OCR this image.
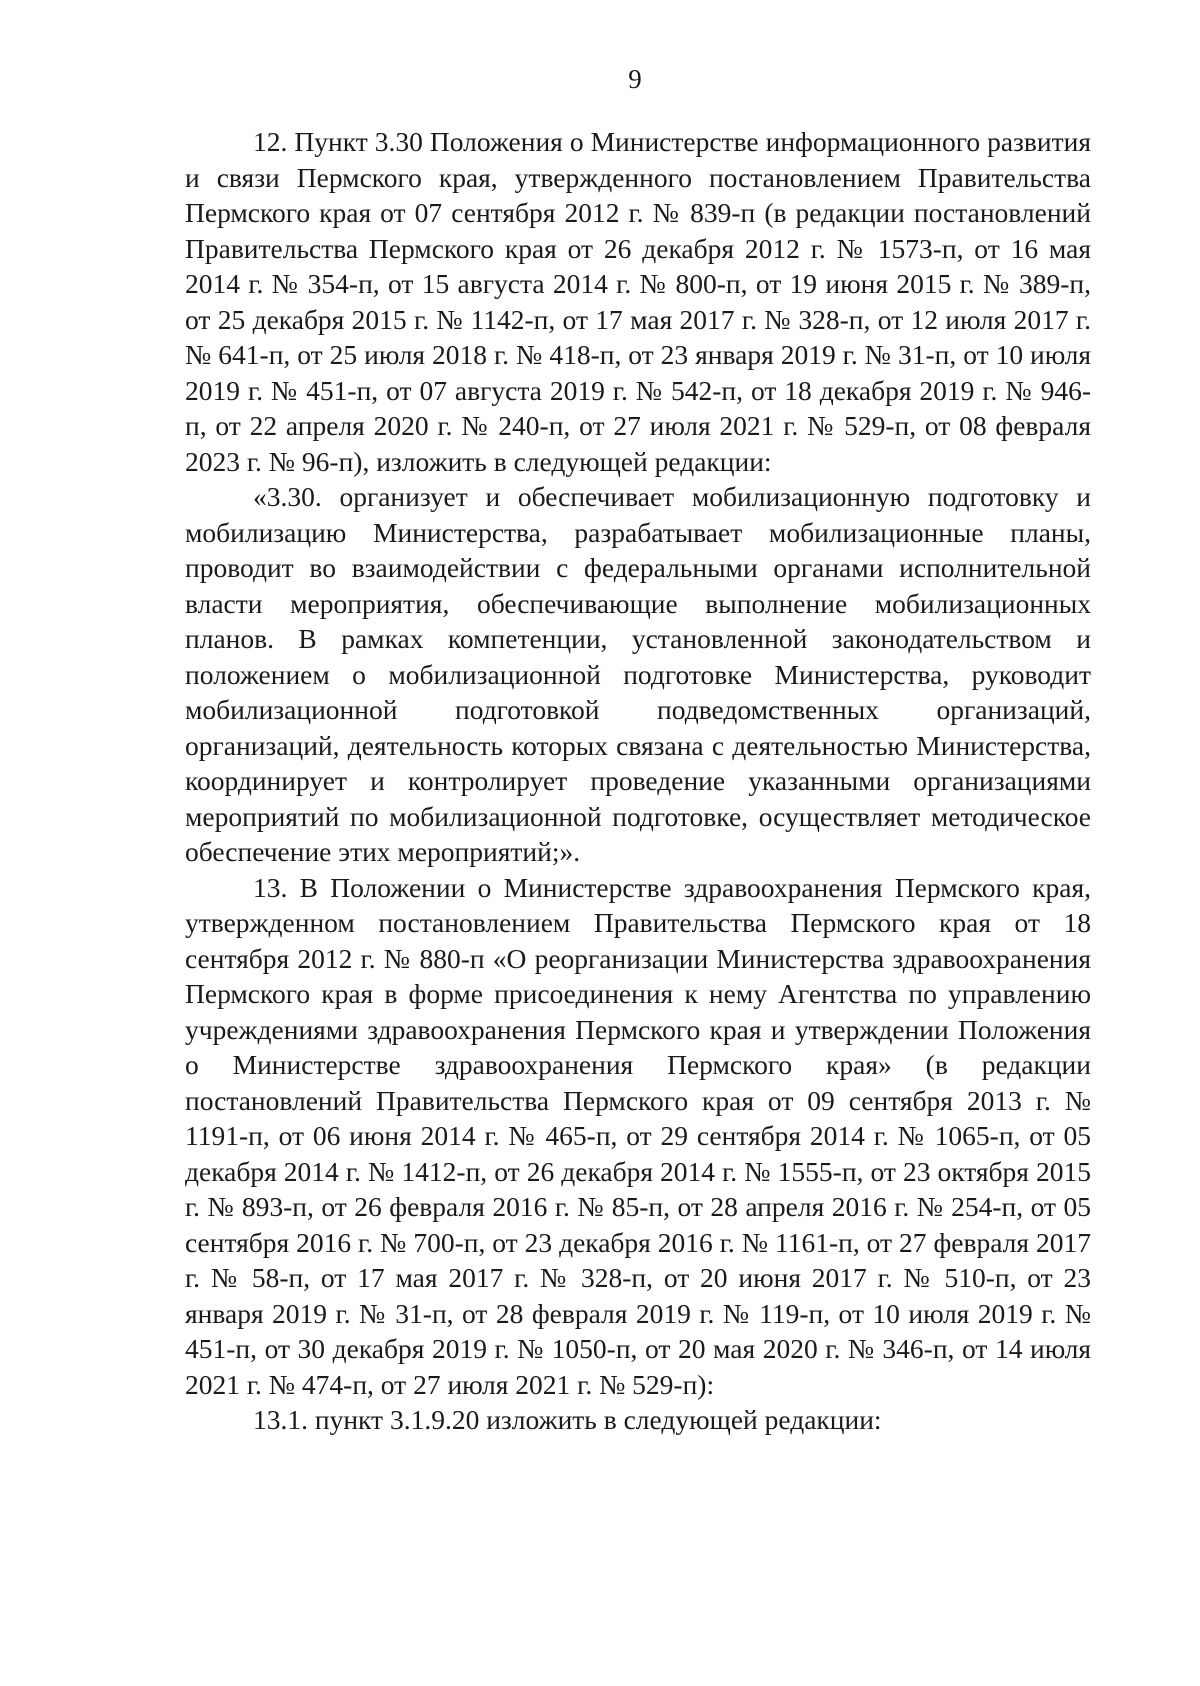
9

12. Пункт 3.30 Положения о Министерстве информационного развития и связи Пермского края, утвержденного постановлением Правительства Пермского края от 07 сентября 2012 г. № 839-п (в редакции постановлений Правительства Пермского края от 26 декабря 2012 г. № 1573-п, от 16 мая 2014 г. № 354-п, от 15 августа 2014 г. № 800-п, от 19 июня 2015 г. № 389-п, от 25 декабря 2015 г. № 1142-п, от 17 мая 2017 г. № 328-п, от 12 июля 2017 г. № 641-п, от 25 июля 2018 г. № 418-п, от 23 января 2019 г. № 31-п, от 10 июля 2019 г. № 451-п, от 07 августа 2019 г. № 542-п, от 18 декабря 2019 г. № 946-п, от 22 апреля 2020 г. № 240-п, от 27 июля 2021 г. № 529-п, от 08 февраля 2023 г. № 96-п), изложить в следующей редакции:

«3.30. организует и обеспечивает мобилизационную подготовку и мобилизацию Министерства, разрабатывает мобилизационные планы, проводит во взаимодействии с федеральными органами исполнительной власти мероприятия, обеспечивающие выполнение мобилизационных планов. В рамках компетенции, установленной законодательством и положением о мобилизационной подготовке Министерства, руководит мобилизационной подготовкой подведомственных организаций, организаций, деятельность которых связана с деятельностью Министерства, координирует и контролирует проведение указанными организациями мероприятий по мобилизационной подготовке, осуществляет методическое обеспечение этих мероприятий;».

13. В Положении о Министерстве здравоохранения Пермского края, утвержденном постановлением Правительства Пермского края от 18 сентября 2012 г. № 880-п «О реорганизации Министерства здравоохранения Пермского края в форме присоединения к нему Агентства по управлению учреждениями здравоохранения Пермского края и утверждении Положения о Министерстве здравоохранения Пермского края» (в редакции постановлений Правительства Пермского края от 09 сентября 2013 г. № 1191-п, от 06 июня 2014 г. № 465-п, от 29 сентября 2014 г. № 1065-п, от 05 декабря 2014 г. № 1412-п, от 26 декабря 2014 г. № 1555-п, от 23 октября 2015 г. № 893-п, от 26 февраля 2016 г. № 85-п, от 28 апреля 2016 г. № 254-п, от 05 сентября 2016 г. № 700-п, от 23 декабря 2016 г. № 1161-п, от 27 февраля 2017 г. № 58-п, от 17 мая 2017 г. № 328-п, от 20 июня 2017 г. № 510-п, от 23 января 2019 г. № 31-п, от 28 февраля 2019 г. № 119-п, от 10 июля 2019 г. № 451-п, от 30 декабря 2019 г. № 1050-п, от 20 мая 2020 г. № 346-п, от 14 июля 2021 г. № 474-п, от 27 июля 2021 г. № 529-п):

13.1. пункт 3.1.9.20 изложить в следующей редакции:
